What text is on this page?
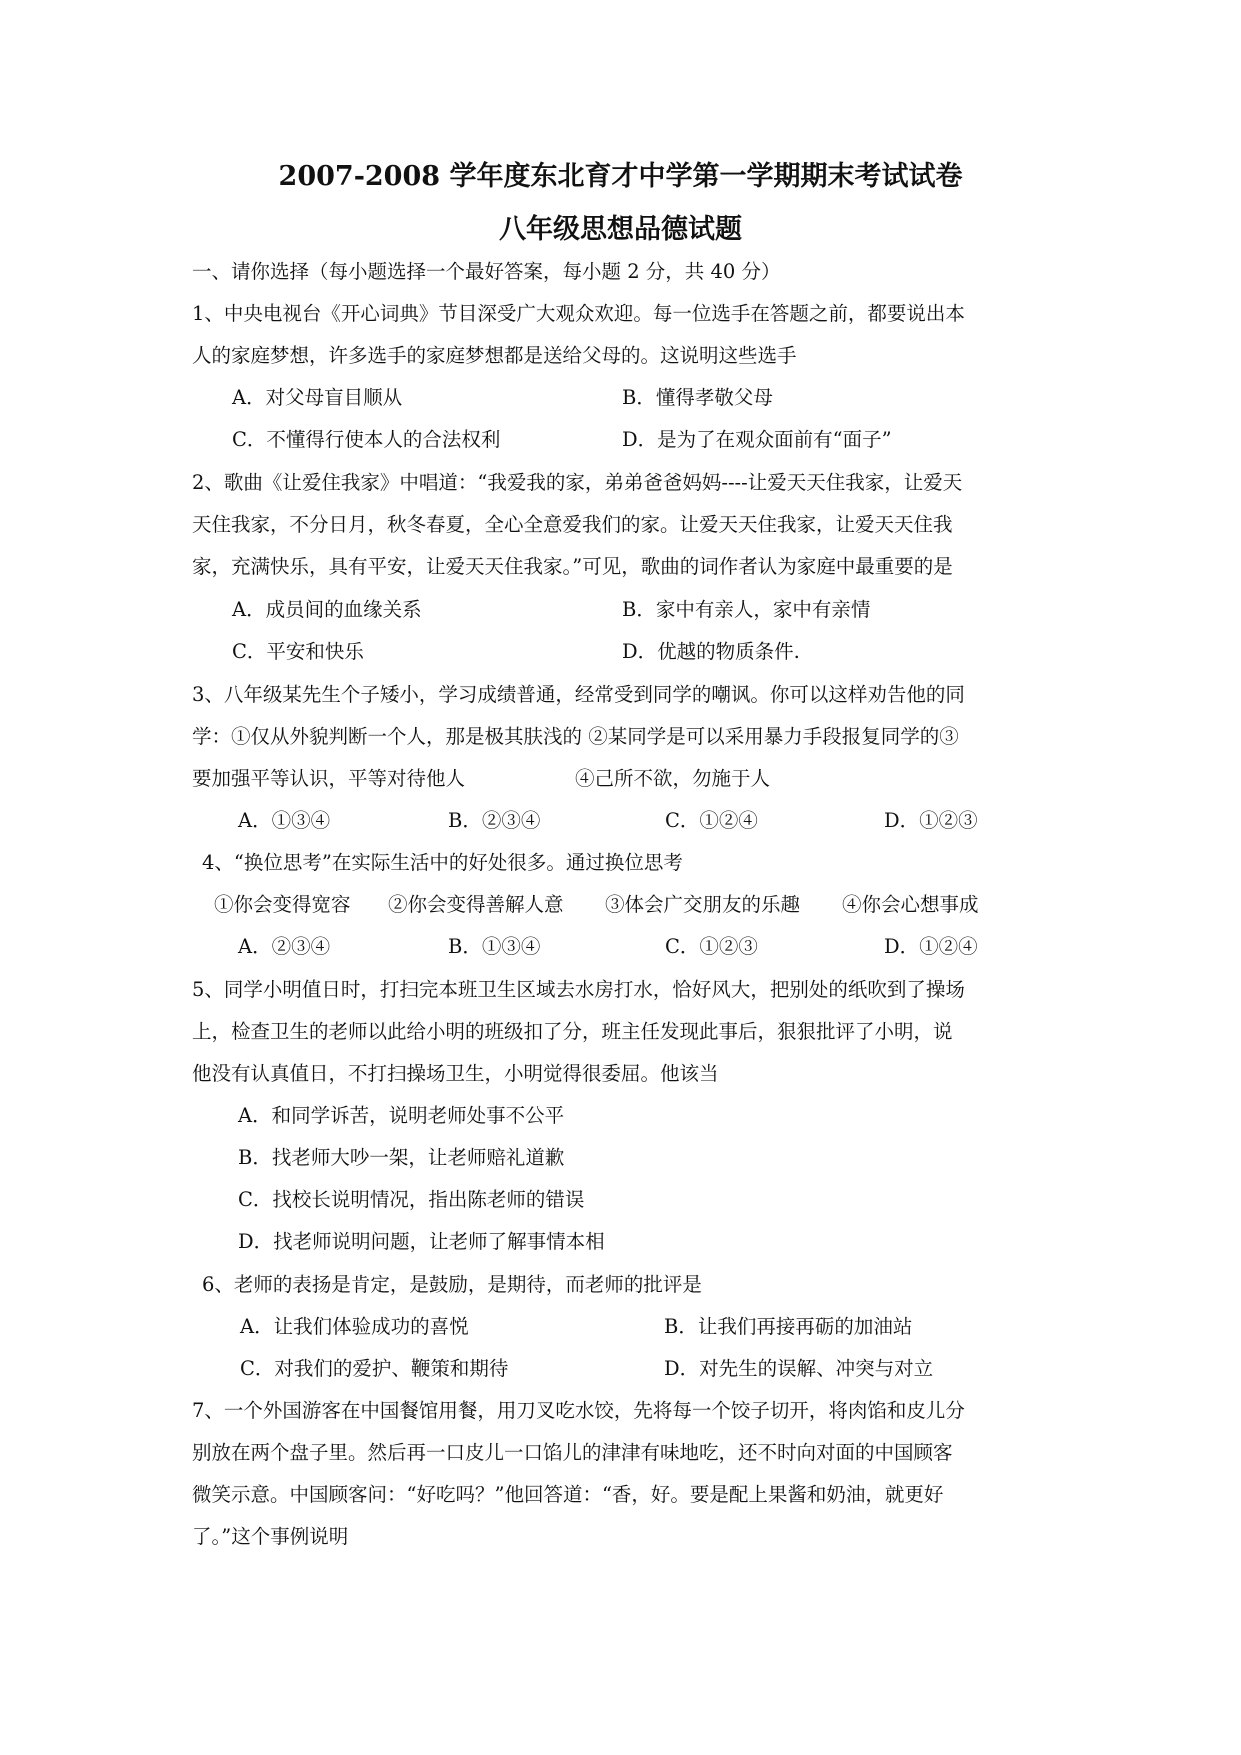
2007-2008 学年度东北育才中学第一学期期末考试试卷
八年级思想品德试题
一、请你选择（每小题选择一个最好答案，每小题 2 分，共 40 分）
1、中央电视台《开心词典》节目深受广大观众欢迎。每一位选手在答题之前，都要说出本
人的家庭梦想，许多选手的家庭梦想都是送给父母的。这说明这些选手
A．对父母盲目顺从	B．懂得孝敬父母
C．不懂得行使本人的合法权利	D．是为了在观众面前有“面子”
2、歌曲《让爱住我家》中唱道：“我爱我的家，弟弟爸爸妈妈----让爱天天住我家，让爱天
天住我家，不分日月，秋冬春夏，全心全意爱我们的家。让爱天天住我家，让爱天天住我
家，充满快乐，具有平安，让爱天天住我家。”可见，歌曲的词作者认为家庭中最重要的是
A．成员间的血缘关系	B．家中有亲人，家中有亲情
C．平安和快乐	D．优越的物质条件.
3、八年级某先生个子矮小，学习成绩普通，经常受到同学的嘲讽。你可以这样劝告他的同
学：①仅从外貌判断一个人，那是极其肤浅的 ②某同学是可以采用暴力手段报复同学的③
要加强平等认识，平等对待他人	④己所不欲，勿施于人
A．①③④	B．②③④	C．①②④	D．①②③
4、“换位思考”在实际生活中的好处很多。通过换位思考
①你会变得宽容 ②你会变得善解人意 ③体会广交朋友的乐趣 ④你会心想事成
A．②③④	B．①③④	C．①②③	D．①②④
5、同学小明值日时，打扫完本班卫生区域去水房打水，恰好风大，把别处的纸吹到了操场
上，检查卫生的老师以此给小明的班级扣了分，班主任发现此事后，狠狠批评了小明，说
他没有认真值日，不打扫操场卫生，小明觉得很委屈。他该当
A．和同学诉苦，说明老师处事不公平
B．找老师大吵一架，让老师赔礼道歉
C．找校长说明情况，指出陈老师的错误
D．找老师说明问题，让老师了解事情本相
6、老师的表扬是肯定，是鼓励，是期待，而老师的批评是
A．让我们体验成功的喜悦	B．让我们再接再砺的加油站
C．对我们的爱护、鞭策和期待	D．对先生的误解、冲突与对立
7、一个外国游客在中国餐馆用餐，用刀叉吃水饺，先将每一个饺子切开，将肉馅和皮儿分
别放在两个盘子里。然后再一口皮儿一口馅儿的津津有味地吃，还不时向对面的中国顾客
微笑示意。中国顾客问：“好吃吗？”他回答道：“香，好。要是配上果酱和奶油，就更好
了。”这个事例说明
